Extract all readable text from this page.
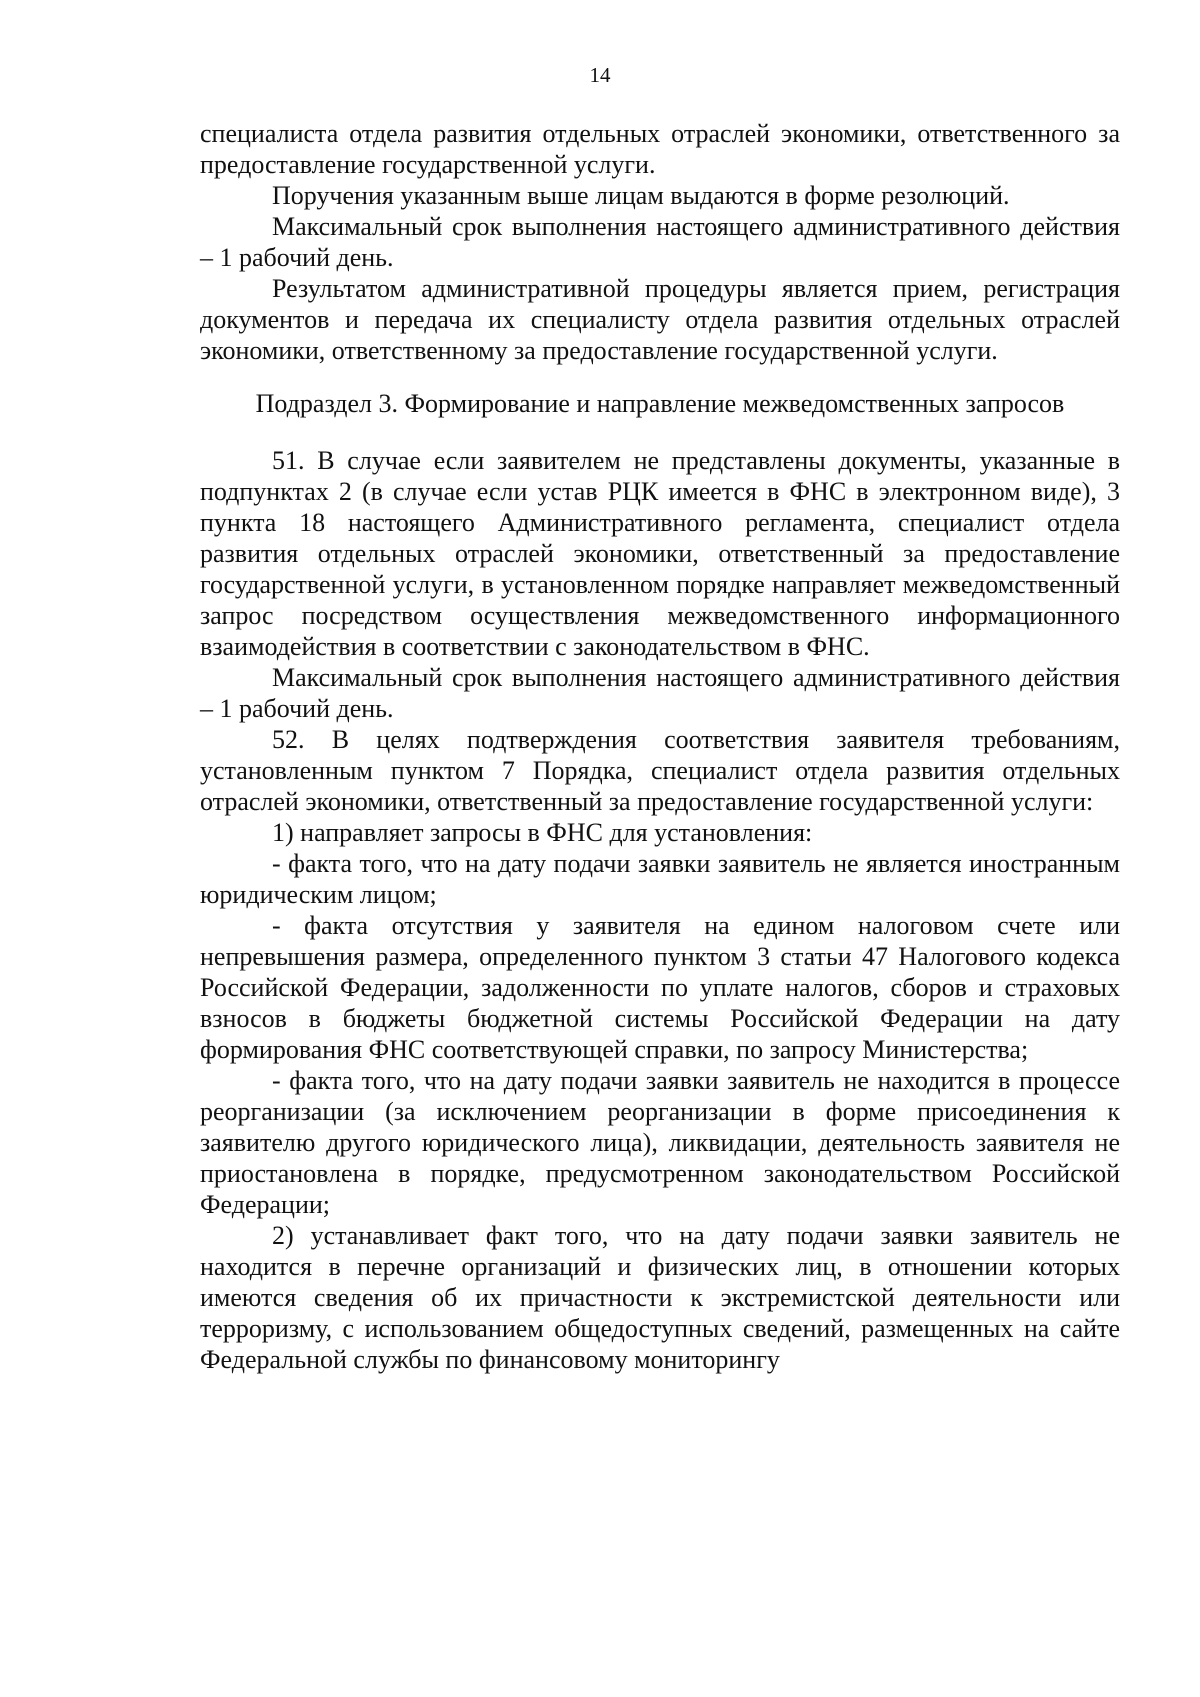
14

специалиста отдела развития отдельных отраслей экономики, ответственного за предоставление государственной услуги.

Поручения указанным выше лицам выдаются в форме резолюций.

Максимальный срок выполнения настоящего административного действия – 1 рабочий день.

Результатом административной процедуры является прием, регистрация документов и передача их специалисту отдела развития отдельных отраслей экономики, ответственному за предоставление государственной услуги.

Подраздел 3. Формирование и направление межведомственных запросов

51. В случае если заявителем не представлены документы, указанные в подпунктах 2 (в случае если устав РЦК имеется в ФНС в электронном виде), 3 пункта 18 настоящего Административного регламента, специалист отдела развития отдельных отраслей экономики, ответственный за предоставление государственной услуги, в установленном порядке направляет межведомственный запрос посредством осуществления межведомственного информационного взаимодействия в соответствии с законодательством в ФНС.

Максимальный срок выполнения настоящего административного действия – 1 рабочий день.

52. В целях подтверждения соответствия заявителя требованиям, установленным пунктом 7 Порядка, специалист отдела развития отдельных отраслей экономики, ответственный за предоставление государственной услуги:

1) направляет запросы в ФНС для установления:

- факта того, что на дату подачи заявки заявитель не является иностранным юридическим лицом;

- факта отсутствия у заявителя на едином налоговом счете или непревышения размера, определенного пунктом 3 статьи 47 Налогового кодекса Российской Федерации, задолженности по уплате налогов, сборов и страховых взносов в бюджеты бюджетной системы Российской Федерации на дату формирования ФНС соответствующей справки, по запросу Министерства;

- факта того, что на дату подачи заявки заявитель не находится в процессе реорганизации (за исключением реорганизации в форме присоединения к заявителю другого юридического лица), ликвидации, деятельность заявителя не приостановлена в порядке, предусмотренном законодательством Российской Федерации;

2) устанавливает факт того, что на дату подачи заявки заявитель не находится в перечне организаций и физических лиц, в отношении которых имеются сведения об их причастности к экстремистской деятельности или терроризму, с использованием общедоступных сведений, размещенных на сайте Федеральной службы по финансовому мониторингу
